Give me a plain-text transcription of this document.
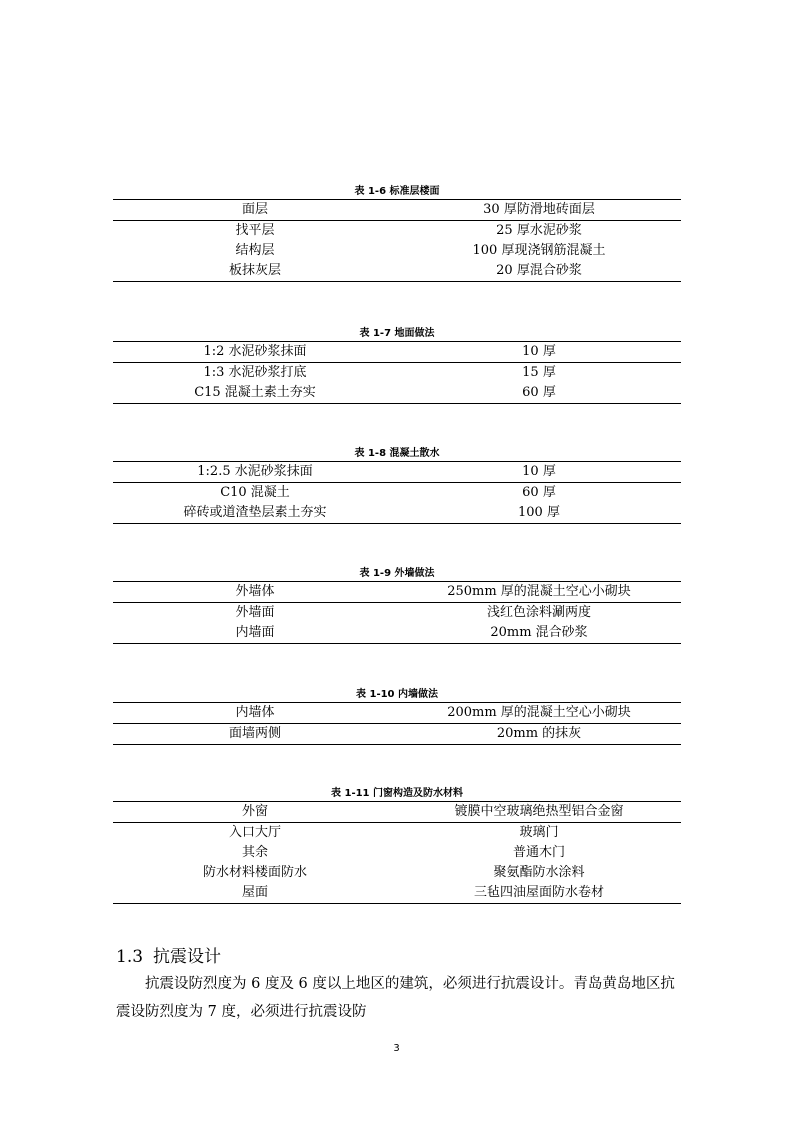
表 1-6 标准层楼面
面层	30 厚防滑地砖面层
找平层	25 厚水泥砂浆
结构层	100 厚现浇钢筋混凝土
板抹灰层	20 厚混合砂浆
表 1-7 地面做法
1:2 水泥砂浆抹面	10 厚
1:3 水泥砂浆打底	15 厚
C15 混凝土素土夯实	60 厚
表 1-8 混凝土散水
1:2.5 水泥砂浆抹面	10 厚
C10 混凝土	60 厚
碎砖或道渣垫层素土夯实	100 厚
表 1-9 外墙做法
外墙体	250mm 厚的混凝土空心小砌块
外墙面	浅红色涂料涮两度
内墙面	20mm 混合砂浆
表 1-10 内墙做法
内墙体	200mm 厚的混凝土空心小砌块
面墙两侧	20mm 的抹灰
表 1-11 门窗构造及防水材料
外窗	镀膜中空玻璃绝热型铝合金窗
入口大厅	玻璃门
其余	普通木门
防水材料楼面防水	聚氨酯防水涂料
屋面	三毡四油屋面防水卷材
1.3 抗震设计
抗震设防烈度为 6 度及 6 度以上地区的建筑，必须进行抗震设计。青岛黄岛地区抗震设防烈度为 7 度，必须进行抗震设防
3
